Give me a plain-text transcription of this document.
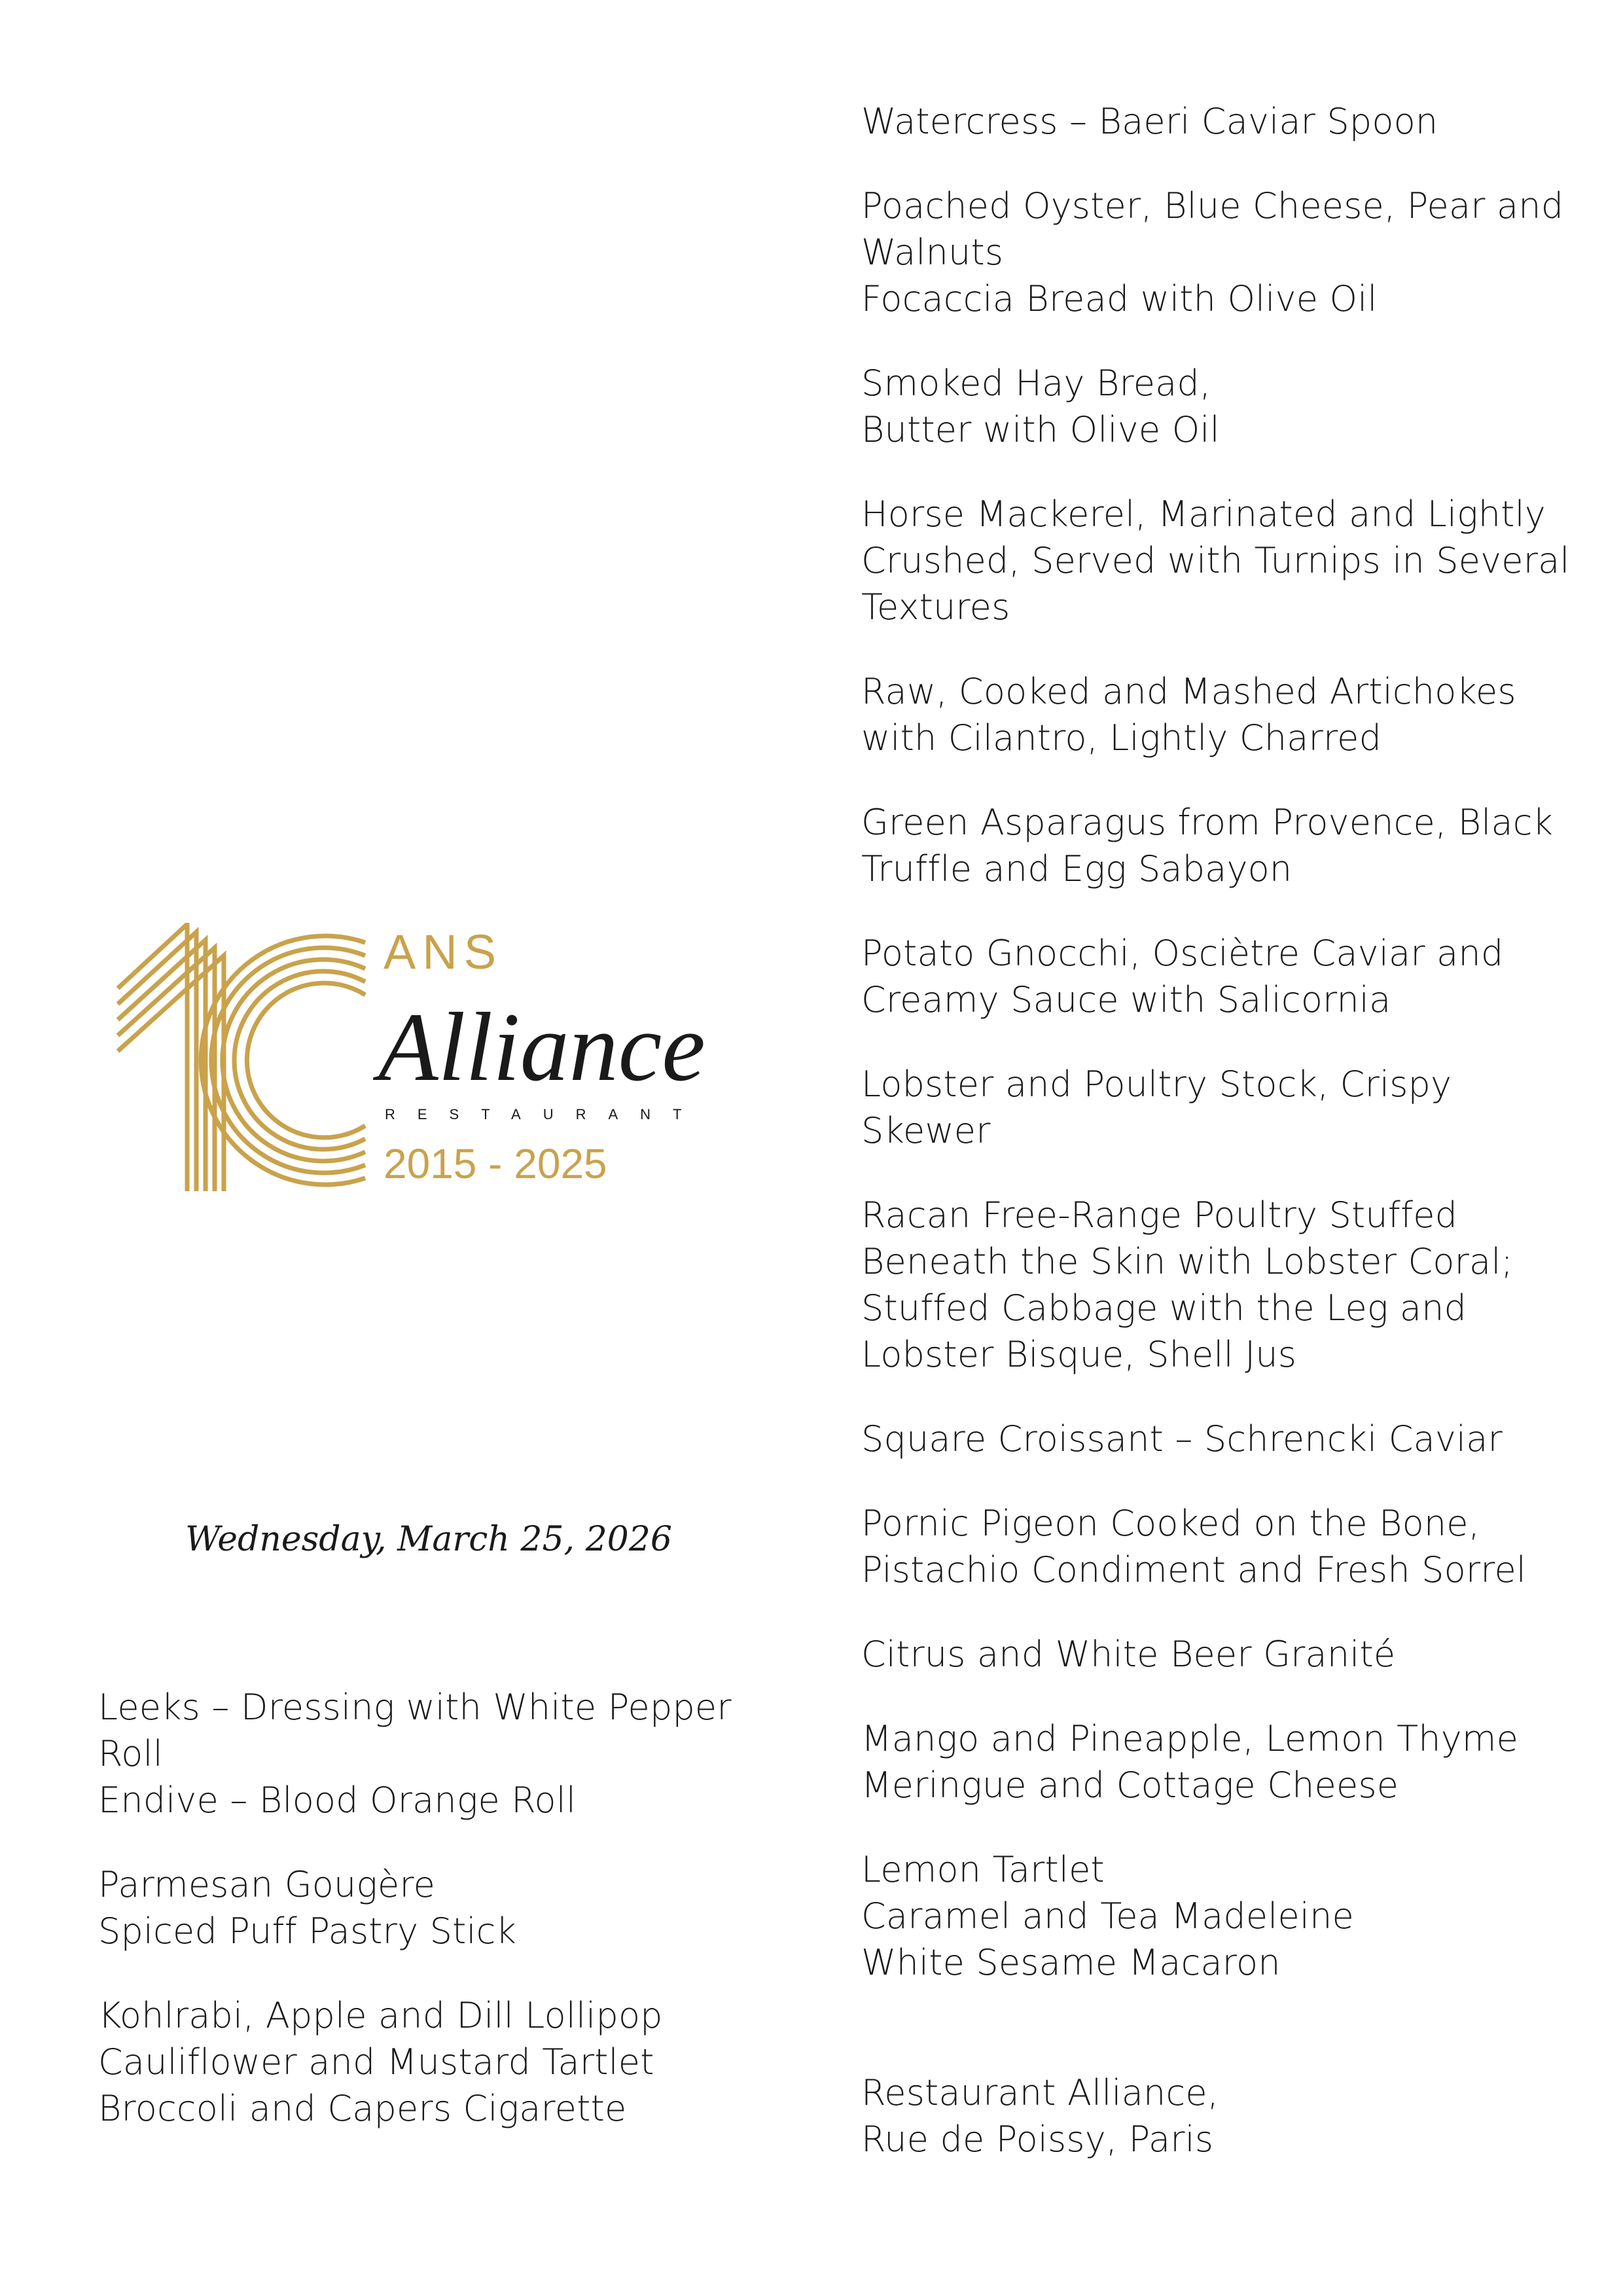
ANS
Alliance
RESTAURANT
2015 - 2025
Wednesday, March 25, 2026
Leeks – Dressing with White Pepper
Roll
Endive – Blood Orange Roll
Parmesan Gougère
Spiced Puff Pastry Stick
Kohlrabi, Apple and Dill Lollipop
Cauliflower and Mustard Tartlet
Broccoli and Capers Cigarette
Watercress – Baeri Caviar Spoon
Poached Oyster, Blue Cheese, Pear and
Walnuts
Focaccia Bread with Olive Oil
Smoked Hay Bread,
Butter with Olive Oil
Horse Mackerel, Marinated and Lightly
Crushed, Served with Turnips in Several
Textures
Raw, Cooked and Mashed Artichokes
with Cilantro, Lightly Charred
Green Asparagus from Provence, Black
Truffle and Egg Sabayon
Potato Gnocchi, Osciètre Caviar and
Creamy Sauce with Salicornia
Lobster and Poultry Stock, Crispy
Skewer
Racan Free-Range Poultry Stuffed
Beneath the Skin with Lobster Coral;
Stuffed Cabbage with the Leg and
Lobster Bisque, Shell Jus
Square Croissant – Schrencki Caviar
Pornic Pigeon Cooked on the Bone,
Pistachio Condiment and Fresh Sorrel
Citrus and White Beer Granité
Mango and Pineapple, Lemon Thyme
Meringue and Cottage Cheese
Lemon Tartlet
Caramel and Tea Madeleine
White Sesame Macaron
Restaurant Alliance,
Rue de Poissy, Paris
